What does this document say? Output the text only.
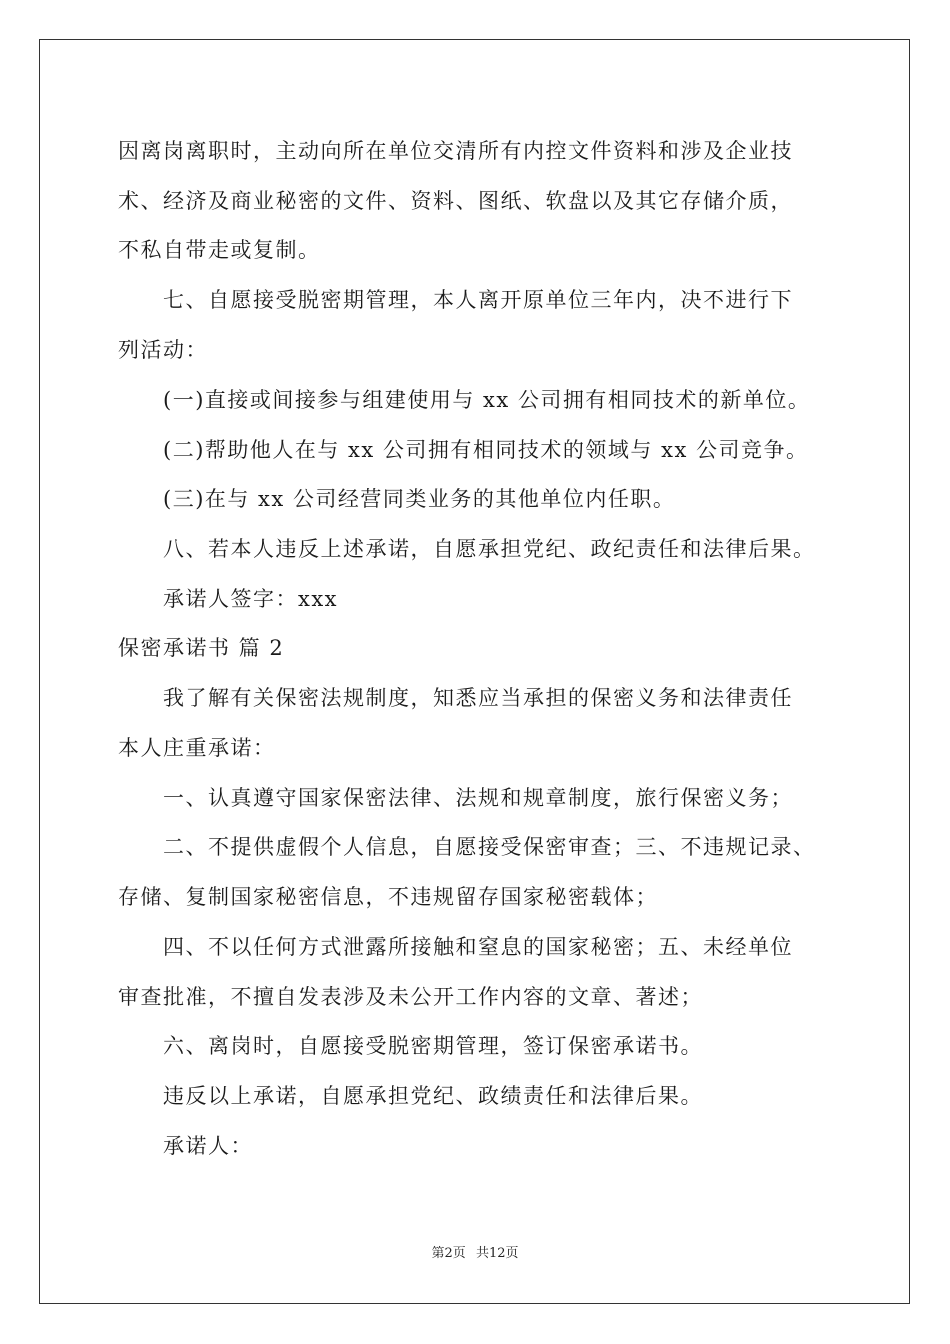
因离岗离职时，主动向所在单位交清所有内控文件资料和涉及企业技
术、经济及商业秘密的文件、资料、图纸、软盘以及其它存储介质，
不私自带走或复制。
七、自愿接受脱密期管理，本人离开原单位三年内，决不进行下
列活动：
(一)直接或间接参与组建使用与 xx 公司拥有相同技术的新单位。
(二)帮助他人在与 xx 公司拥有相同技术的领域与 xx 公司竞争。
(三)在与 xx 公司经营同类业务的其他单位内任职。
八、若本人违反上述承诺，自愿承担党纪、政纪责任和法律后果。
承诺人签字：xxx
保密承诺书 篇 2
我了解有关保密法规制度，知悉应当承担的保密义务和法律责任
本人庄重承诺：
一、认真遵守国家保密法律、法规和规章制度，旅行保密义务；
二、不提供虚假个人信息，自愿接受保密审查；三、不违规记录、
存储、复制国家秘密信息，不违规留存国家秘密载体；
四、不以任何方式泄露所接触和窒息的国家秘密；五、未经单位
审查批准，不擅自发表涉及未公开工作内容的文章、著述；
六、离岗时，自愿接受脱密期管理，签订保密承诺书。
违反以上承诺，自愿承担党纪、政绩责任和法律后果。
承诺人：
第2页 共12页
